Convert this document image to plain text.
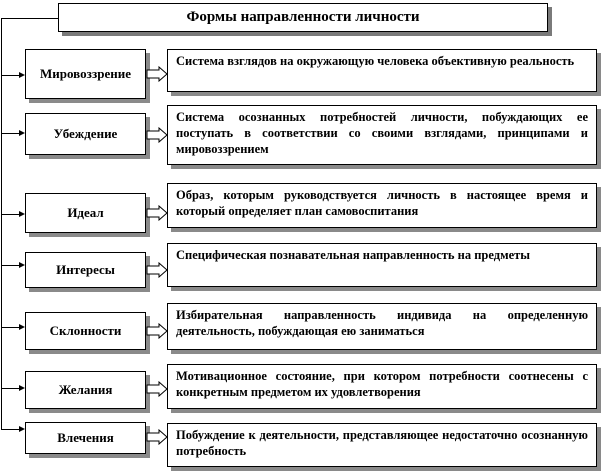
Формы направленности личности
Мировоззрение
Система взглядов на окружающую человека объективную реальность
Убеждение
Система осознанных потребностей личности, побуждающих ее поступать в соответствии со своими взглядами, принципами и мировоззрением
Идеал
Образ, которым руководствуется личность в настоящее время и который определяет план самовоспитания
Интересы
Специфическая познавательная направленность на предметы
Склонности
Избирательная направленность индивида на определенную деятельность, побуждающая ею заниматься
Желания
Мотивационное состояние, при котором потребности соотнесены с конкретным предметом их удовлетворения
Влечения	Побуждение к деятельности, представляющее недостаточно осознанную потребность
